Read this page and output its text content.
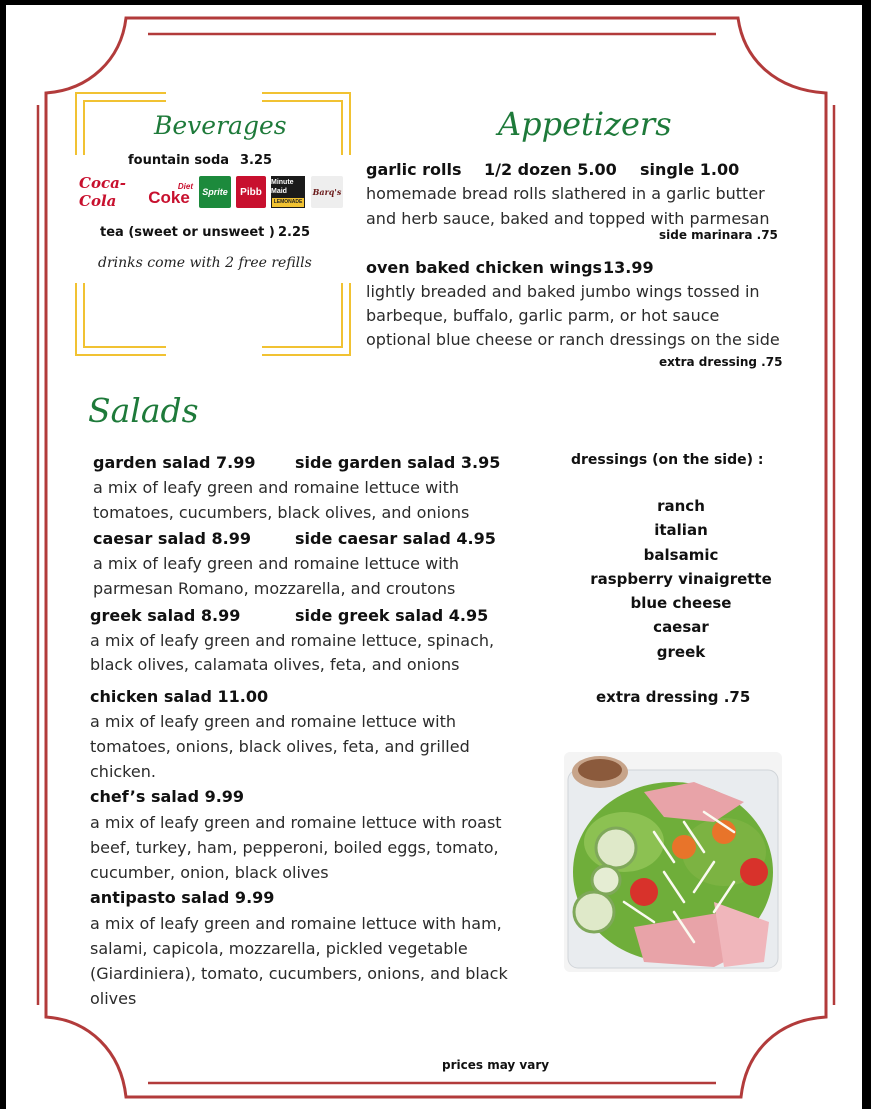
Beverages
fountain soda 3.25
Coca-Cola
Diet
Coke	Sprite	Pibb
Minute Maid
LEMONADE
Barq's
tea (sweet or unsweet ) 2.25
drinks come with 2 free refills
Appetizers
garlic rolls 1/2 dozen 5.00 single 1.00
homemade bread rolls slathered in a garlic butter
and herb sauce, baked and topped with parmesan
side marinara .75
oven baked chicken wings 13.99
lightly breaded and baked jumbo wings tossed in
barbeque, buffalo, garlic parm, or hot sauce
optional blue cheese or ranch dressings on the side
extra dressing .75
Salads
garden salad 7.99 side garden salad 3.95
a mix of leafy green and romaine lettuce with
tomatoes, cucumbers, black olives, and onions
caesar salad 8.99	side caesar salad 4.95
a mix of leafy green and romaine lettuce with
parmesan Romano, mozzarella, and croutons
greek salad 8.99	side greek salad 4.95
a mix of leafy green and romaine lettuce, spinach,
black olives, calamata olives, feta, and onions
chicken salad 11.00
a mix of leafy green and romaine lettuce with
tomatoes, onions, black olives, feta, and grilled
chicken.
chef’s salad 9.99
a mix of leafy green and romaine lettuce with roast
beef, turkey, ham, pepperoni, boiled eggs, tomato,
cucumber, onion, black olives
antipasto salad 9.99
a mix of leafy green and romaine lettuce with ham,
salami, capicola, mozzarella, pickled vegetable
(Giardiniera), tomato, cucumbers, onions, and black
olives
dressings (on the side) :
ranch
italian
balsamic
raspberry vinaigrette
blue cheese
caesar
greek
extra dressing .75
prices may vary
